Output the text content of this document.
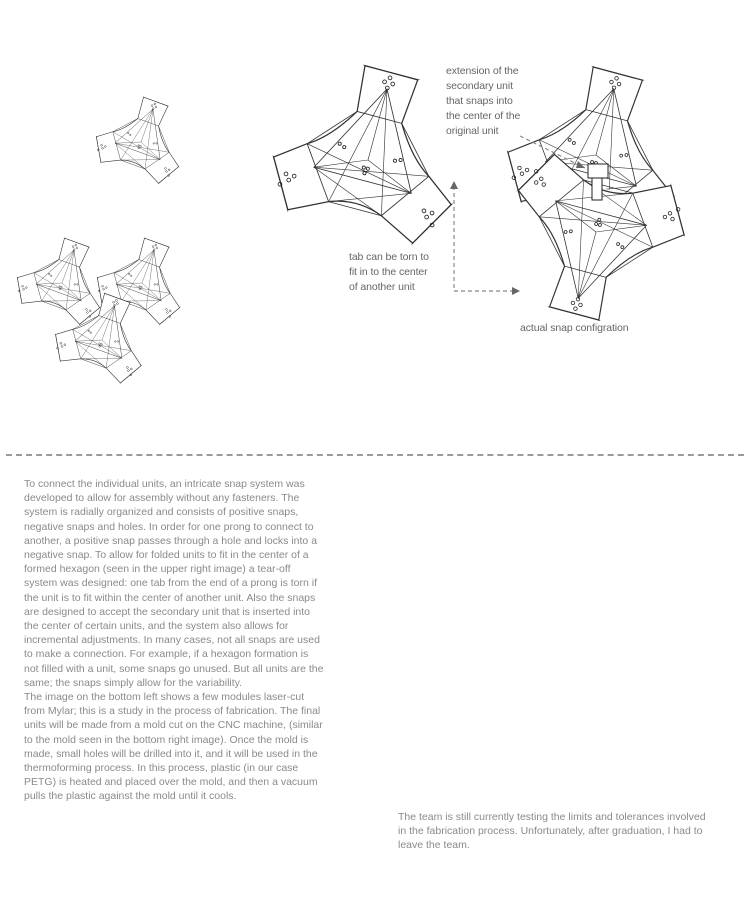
extension of the
secondary unit
that snaps into
the center of the
original unit
tab can be torn to
fit in to the center
of another unit
actual snap configration

To connect the individual units, an intricate snap system was developed to allow for assembly without any fasteners. The system is radially organized and consists of positive snaps, negative snaps and holes. In order for one prong to connect to another, a positive snap passes through a hole and locks into a negative snap. To allow for folded units to fit in the center of a formed hexagon (seen in the upper right image) a tear-off system was designed: one tab from the end of a prong is torn if the unit is to fit within the center of another unit. Also the snaps are designed to accept the secondary unit that is inserted into the center of certain units, and the system also allows for incremental adjustments. In many cases, not all snaps are used to make a connection. For example, if a hexagon formation is not filled with a unit, some snaps go unused. But all units are the same; the snaps simply allow for the variability.

The image on the bottom left shows a few modules laser-cut from Mylar; this is a study in the process of fabrication. The final units will be made from a mold cut on the CNC machine, (similar to the mold seen in the bottom right image). Once the mold is made, small holes will be drilled into it, and it will be used in the thermoforming process. In this process, plastic (in our case PETG) is heated and placed over the mold, and then a vacuum pulls the plastic against the mold until it cools.

The team is still currently testing the limits and tolerances involved in the fabrication process. Unfortunately, after graduation, I had to leave the team.
